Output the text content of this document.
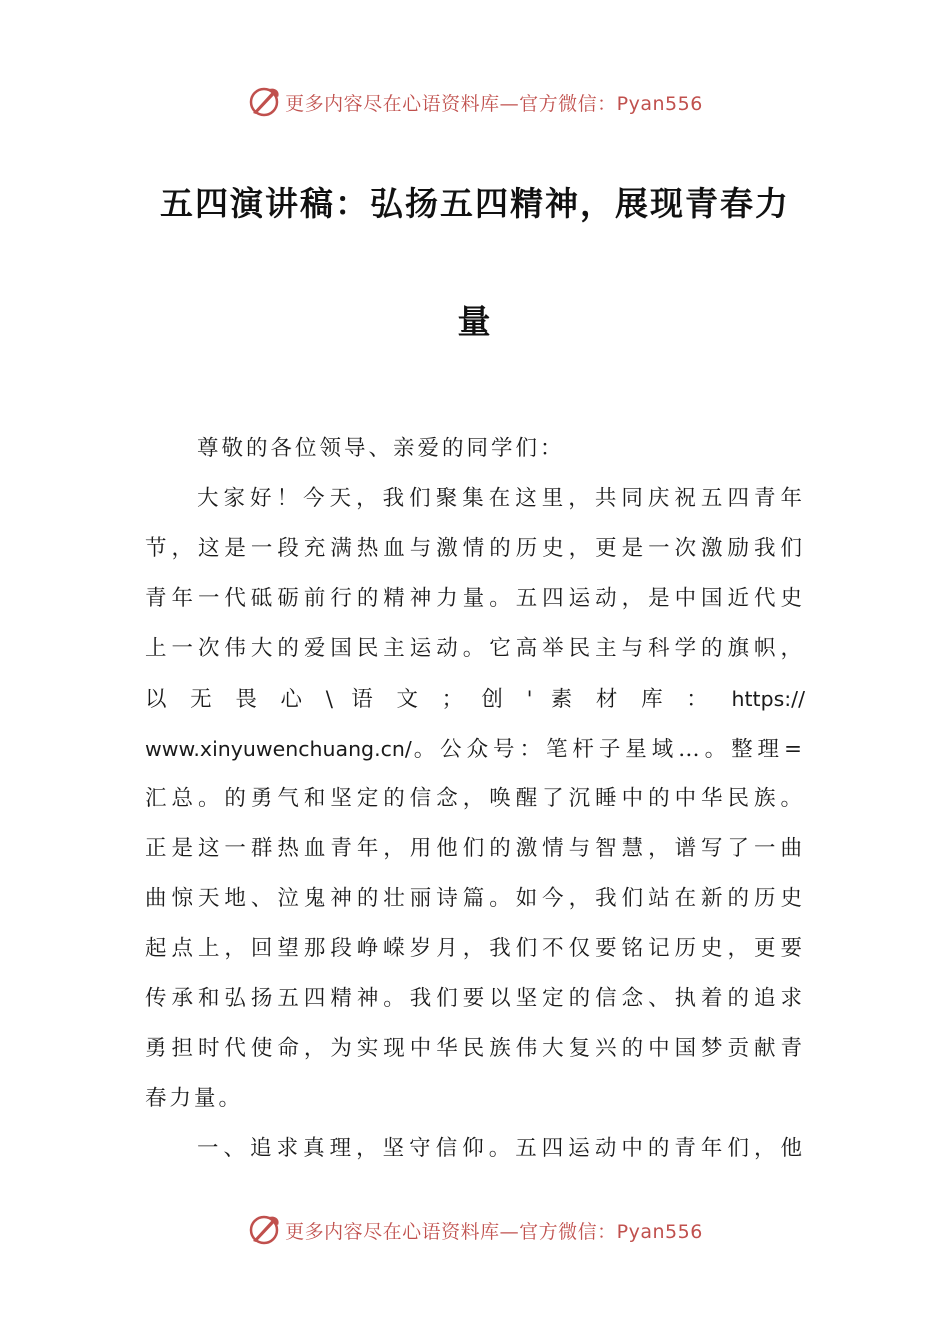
更多内容尽在心语资料库—官方微信：Pyan556
五四演讲稿：弘扬五四精神，展现青春力
量
尊敬的各位领导、亲爱的同学们：
大家好！今天，我们聚集在这里，共同庆祝五四青年
节，这是一段充满热血与激情的历史，更是一次激励我们
青年一代砥砺前行的精神力量。五四运动，是中国近代史
上一次伟大的爱国民主运动。它高举民主与科学的旗帜，
以 无 畏 心 \ 语 文 ； 创 ' 素 材 库 ： https://
www.xinyuwenchuang.cn/。公众号：笔杆子星域…。整理=
汇总。的勇气和坚定的信念，唤醒了沉睡中的中华民族。
正是这一群热血青年，用他们的激情与智慧，谱写了一曲
曲惊天地、泣鬼神的壮丽诗篇。如今，我们站在新的历史
起点上，回望那段峥嵘岁月，我们不仅要铭记历史，更要
传承和弘扬五四精神。我们要以坚定的信念、执着的追求
勇担时代使命，为实现中华民族伟大复兴的中国梦贡献青
春力量。
一、追求真理，坚守信仰。五四运动中的青年们，他
更多内容尽在心语资料库—官方微信：Pyan556
